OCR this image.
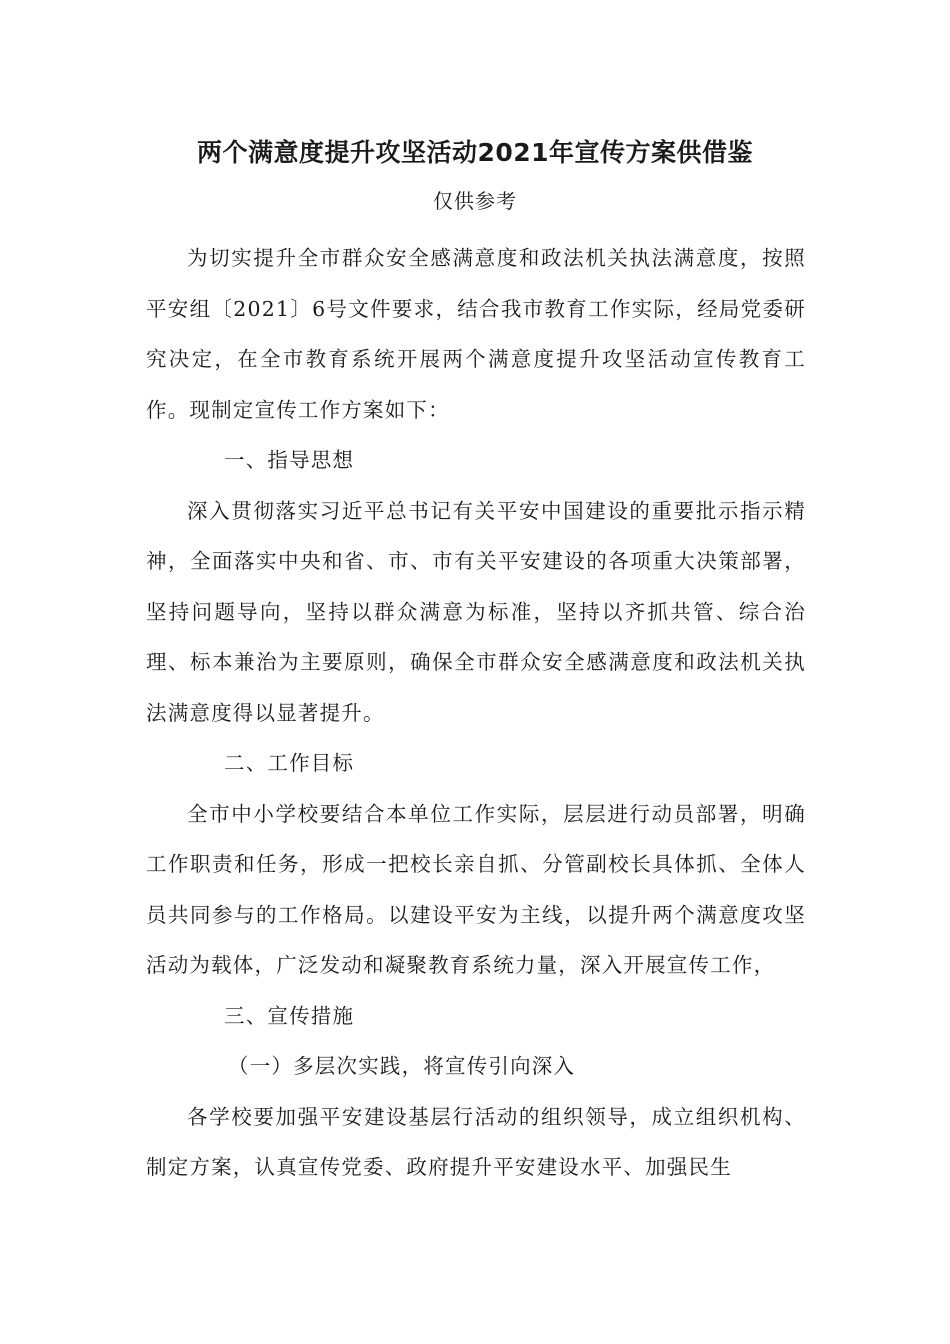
两个满意度提升攻坚活动2021年宣传方案供借鉴
仅供参考

为切实提升全市群众安全感满意度和政法机关执法满意度，按照平安组〔2021〕6号文件要求，结合我市教育工作实际，经局党委研究决定，在全市教育系统开展两个满意度提升攻坚活动宣传教育工作。现制定宣传工作方案如下：

一、指导思想

深入贯彻落实习近平总书记有关平安中国建设的重要批示指示精神，全面落实中央和省、市、市有关平安建设的各项重大决策部署，坚持问题导向，坚持以群众满意为标准，坚持以齐抓共管、综合治理、标本兼治为主要原则，确保全市群众安全感满意度和政法机关执法满意度得以显著提升。

二、工作目标

全市中小学校要结合本单位工作实际，层层进行动员部署，明确工作职责和任务，形成一把校长亲自抓、分管副校长具体抓、全体人员共同参与的工作格局。以建设平安为主线，以提升两个满意度攻坚活动为载体，广泛发动和凝聚教育系统力量，深入开展宣传工作，

三、宣传措施

（一）多层次实践，将宣传引向深入

各学校要加强平安建设基层行活动的组织领导，成立组织机构、制定方案，认真宣传党委、政府提升平安建设水平、加强民生
